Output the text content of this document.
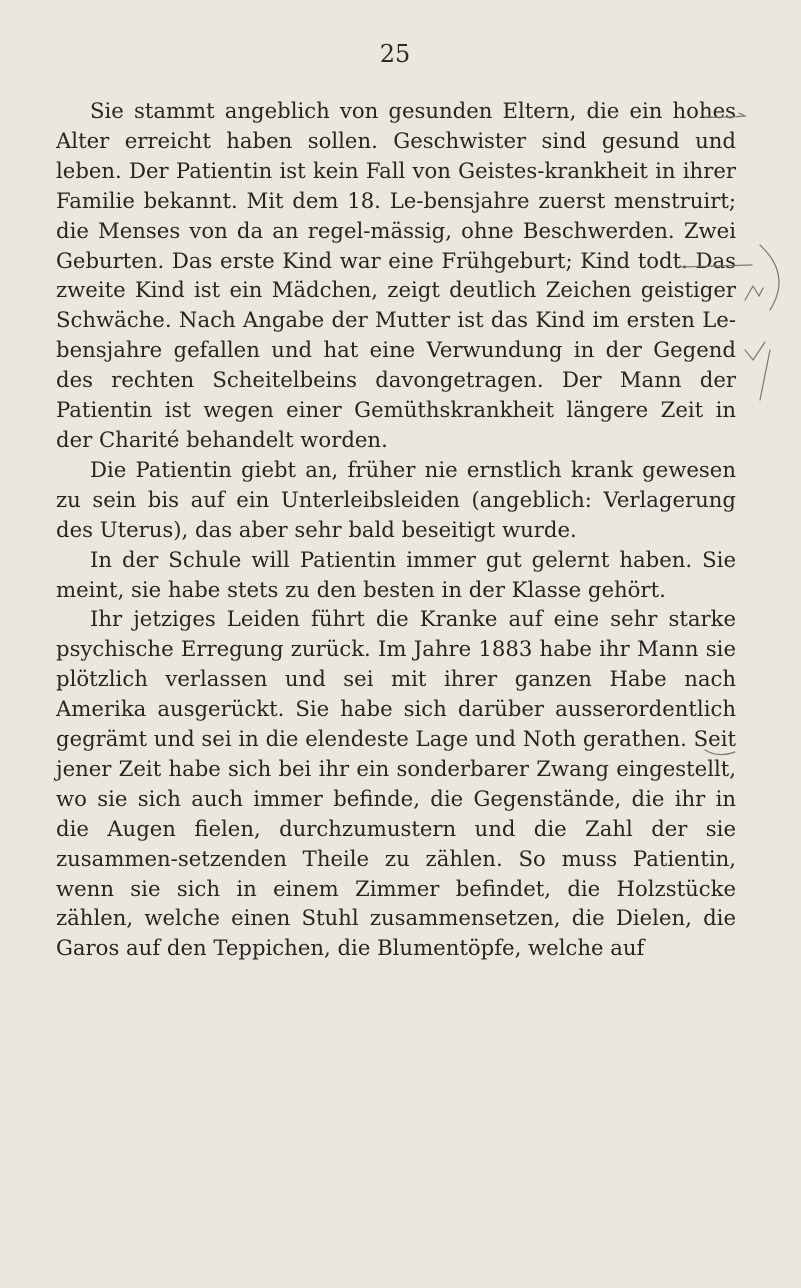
25

Sie stammt angeblich von gesunden Eltern, die ein hohes Alter erreicht haben sollen. Geschwister sind gesund und leben. Der Patientin ist kein Fall von Geistes-krankheit in ihrer Familie bekannt. Mit dem 18. Le-bensjahre zuerst menstruirt; die Menses von da an regel-mässig, ohne Beschwerden. Zwei Geburten. Das erste Kind war eine Frühgeburt; Kind todt. Das zweite Kind ist ein Mädchen, zeigt deutlich Zeichen geistiger Schwäche. Nach Angabe der Mutter ist das Kind im ersten Le-bensjahre gefallen und hat eine Verwundung in der Gegend des rechten Scheitelbeins davongetragen. Der Mann der Patientin ist wegen einer Gemüthskrankheit längere Zeit in der Charité behandelt worden.

Die Patientin giebt an, früher nie ernstlich krank gewesen zu sein bis auf ein Unterleibsleiden (angeblich: Verlagerung des Uterus), das aber sehr bald beseitigt wurde.

In der Schule will Patientin immer gut gelernt haben. Sie meint, sie habe stets zu den besten in der Klasse gehört.

Ihr jetziges Leiden führt die Kranke auf eine sehr starke psychische Erregung zurück. Im Jahre 1883 habe ihr Mann sie plötzlich verlassen und sei mit ihrer ganzen Habe nach Amerika ausgerückt. Sie habe sich darüber ausserordentlich gegrämt und sei in die elendeste Lage und Noth gerathen. Seit jener Zeit habe sich bei ihr ein sonderbarer Zwang eingestellt, wo sie sich auch immer befinde, die Gegenstände, die ihr in die Augen fielen, durchzumustern und die Zahl der sie zusammen-setzenden Theile zu zählen. So muss Patientin, wenn sie sich in einem Zimmer befindet, die Holzstücke zählen, welche einen Stuhl zusammensetzen, die Dielen, die Garos auf den Teppichen, die Blumentöpfe, welche auf
